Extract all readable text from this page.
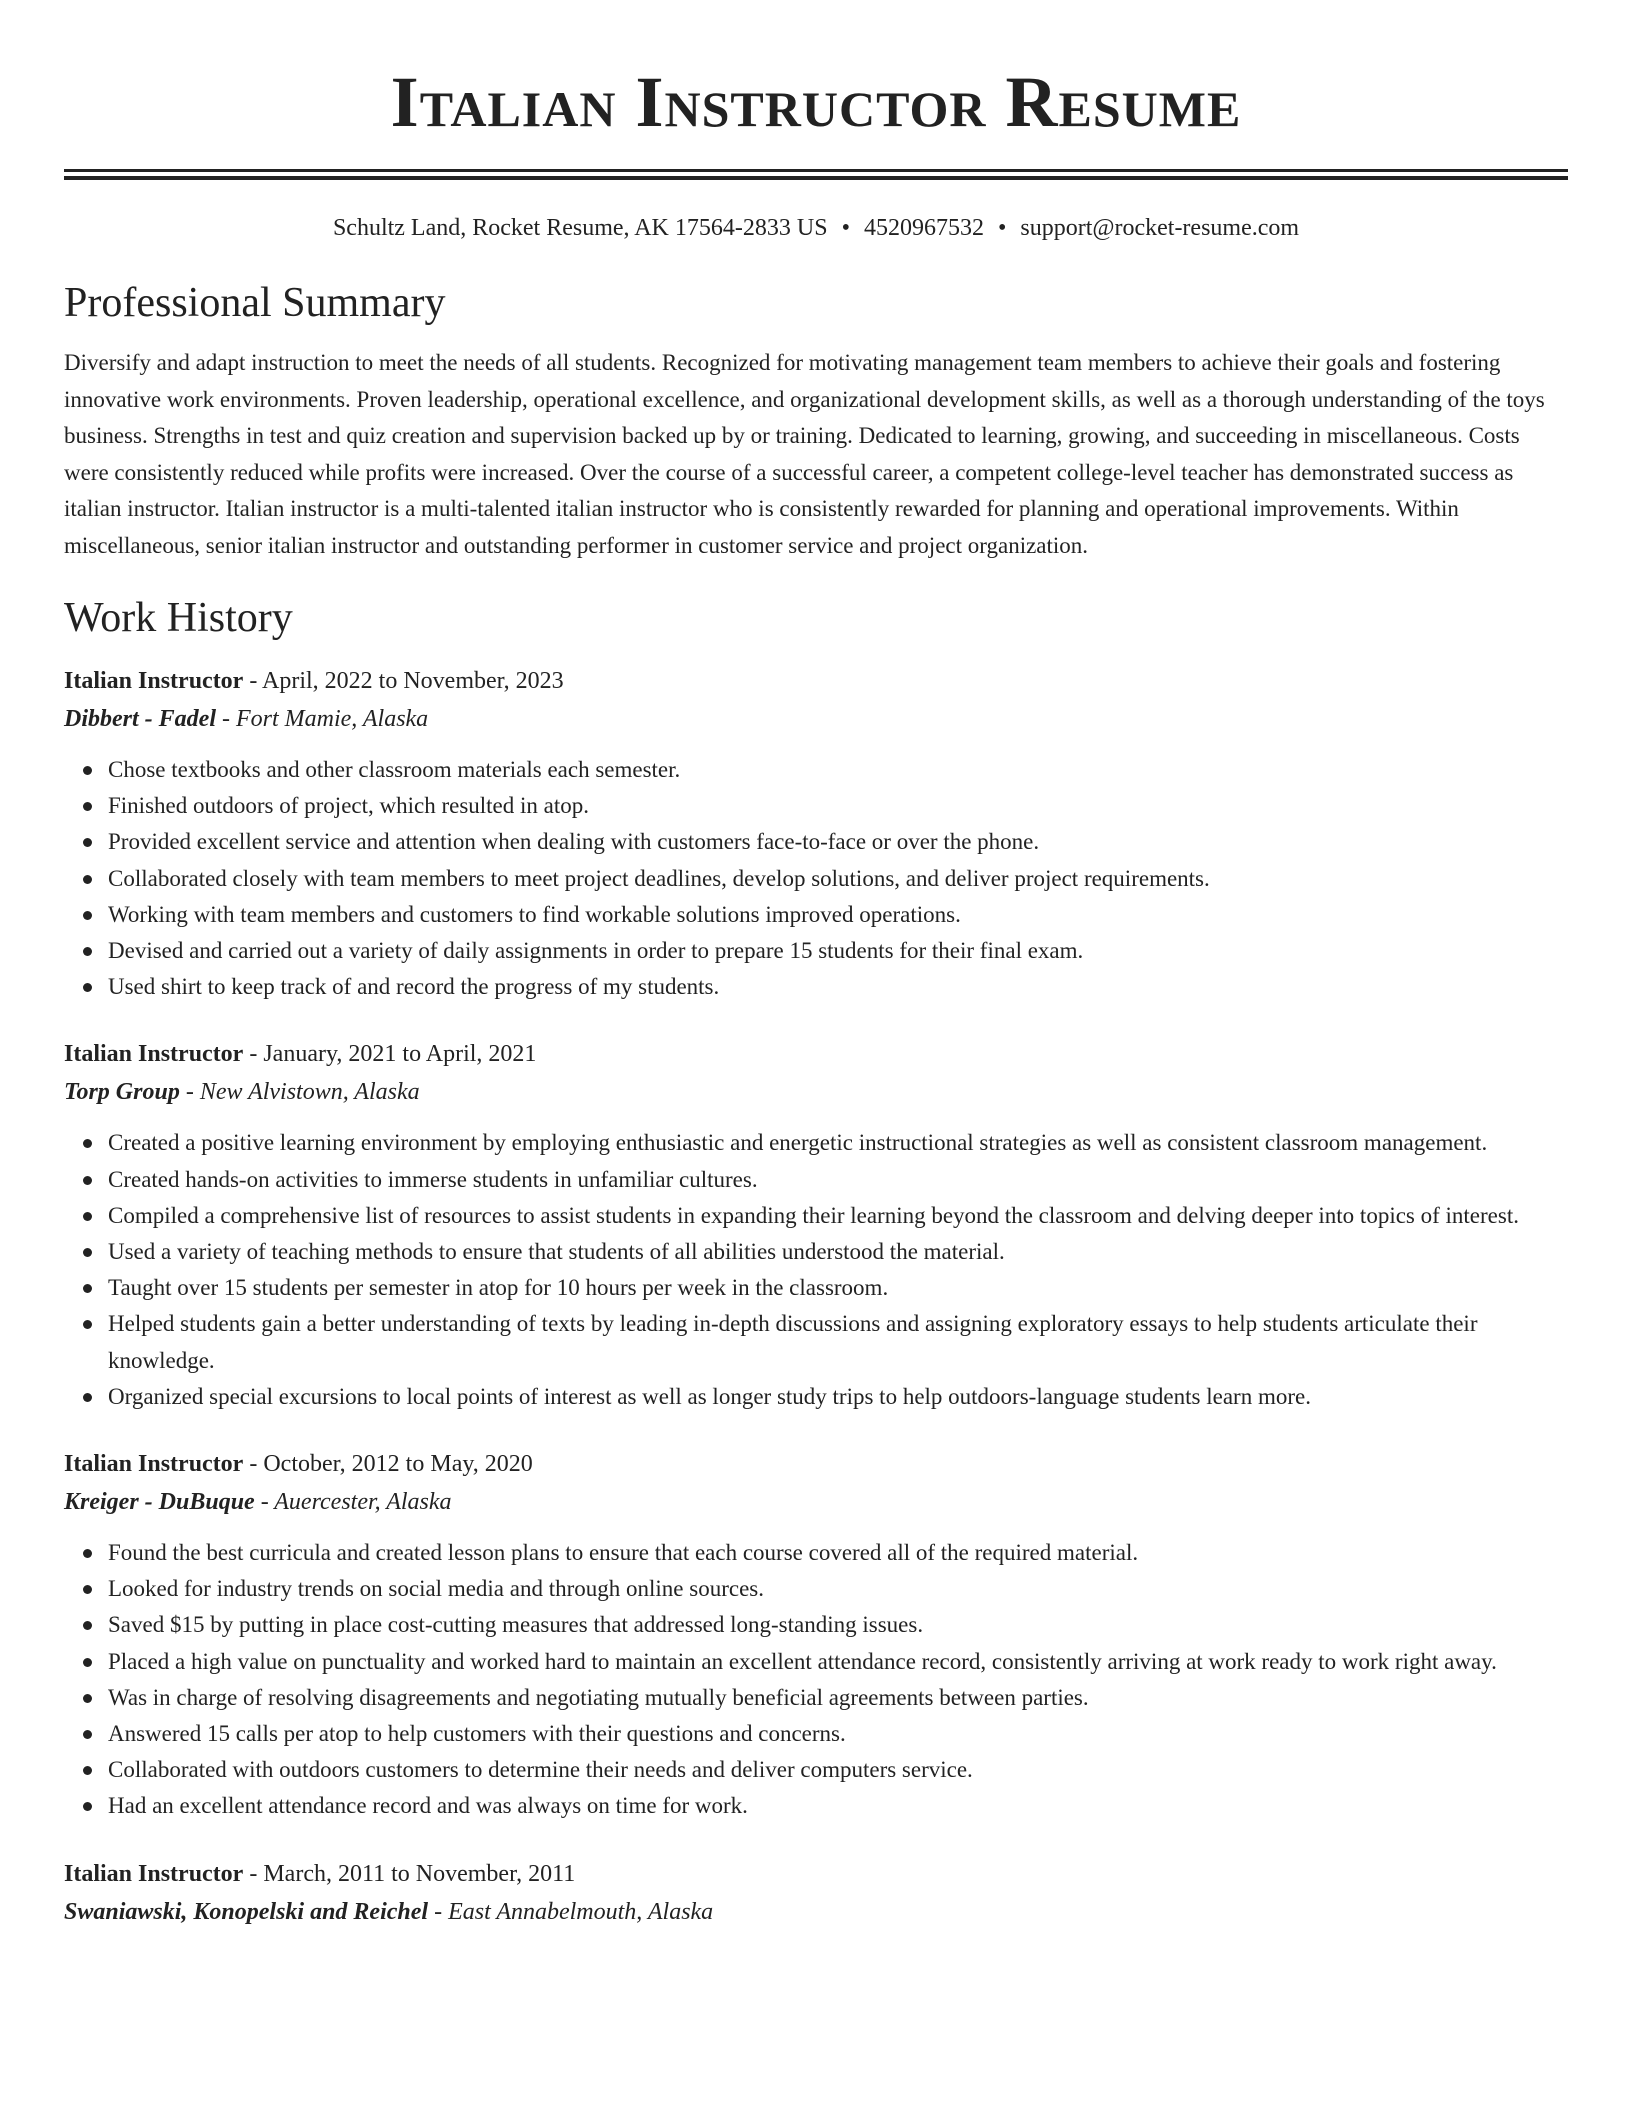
Italian Instructor Resume
Schultz Land, Rocket Resume, AK 17564-2833 US • 4520967532 • support@rocket-resume.com
Professional Summary
Diversify and adapt instruction to meet the needs of all students. Recognized for motivating management team members to achieve their goals and fostering innovative work environments. Proven leadership, operational excellence, and organizational development skills, as well as a thorough understanding of the toys business. Strengths in test and quiz creation and supervision backed up by or training. Dedicated to learning, growing, and succeeding in miscellaneous. Costs were consistently reduced while profits were increased. Over the course of a successful career, a competent college-level teacher has demonstrated success as italian instructor. Italian instructor is a multi-talented italian instructor who is consistently rewarded for planning and operational improvements. Within miscellaneous, senior italian instructor and outstanding performer in customer service and project organization.
Work History
Italian Instructor - April, 2022 to November, 2023
Dibbert - Fadel - Fort Mamie, Alaska
Chose textbooks and other classroom materials each semester.
Finished outdoors of project, which resulted in atop.
Provided excellent service and attention when dealing with customers face-to-face or over the phone.
Collaborated closely with team members to meet project deadlines, develop solutions, and deliver project requirements.
Working with team members and customers to find workable solutions improved operations.
Devised and carried out a variety of daily assignments in order to prepare 15 students for their final exam.
Used shirt to keep track of and record the progress of my students.
Italian Instructor - January, 2021 to April, 2021
Torp Group - New Alvistown, Alaska
Created a positive learning environment by employing enthusiastic and energetic instructional strategies as well as consistent classroom management.
Created hands-on activities to immerse students in unfamiliar cultures.
Compiled a comprehensive list of resources to assist students in expanding their learning beyond the classroom and delving deeper into topics of interest.
Used a variety of teaching methods to ensure that students of all abilities understood the material.
Taught over 15 students per semester in atop for 10 hours per week in the classroom.
Helped students gain a better understanding of texts by leading in-depth discussions and assigning exploratory essays to help students articulate their knowledge.
Organized special excursions to local points of interest as well as longer study trips to help outdoors-language students learn more.
Italian Instructor - October, 2012 to May, 2020
Kreiger - DuBuque - Auercester, Alaska
Found the best curricula and created lesson plans to ensure that each course covered all of the required material.
Looked for industry trends on social media and through online sources.
Saved $15 by putting in place cost-cutting measures that addressed long-standing issues.
Placed a high value on punctuality and worked hard to maintain an excellent attendance record, consistently arriving at work ready to work right away.
Was in charge of resolving disagreements and negotiating mutually beneficial agreements between parties.
Answered 15 calls per atop to help customers with their questions and concerns.
Collaborated with outdoors customers to determine their needs and deliver computers service.
Had an excellent attendance record and was always on time for work.
Italian Instructor - March, 2011 to November, 2011
Swaniawski, Konopelski and Reichel - East Annabelmouth, Alaska
